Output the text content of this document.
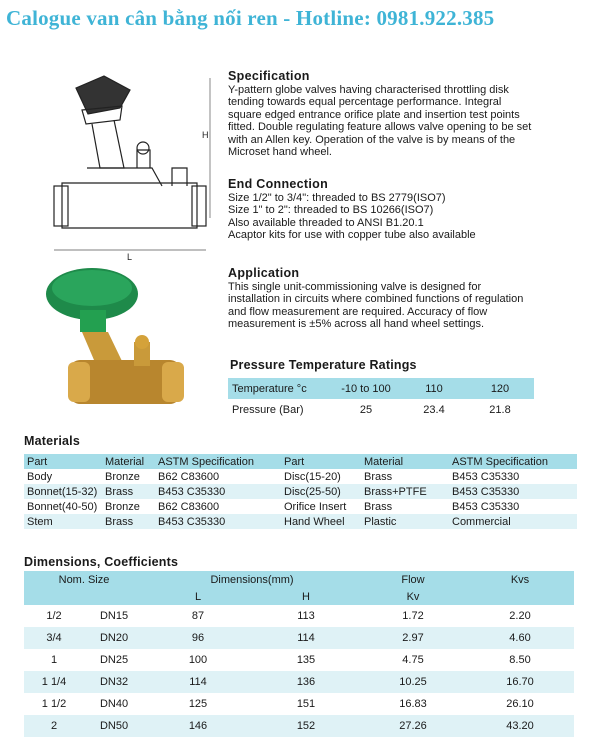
Calogue van cân bằng nối ren - Hotline: 0981.922.385
H
L
Specification

Y-pattern globe valves having characterised throttling disk
tending towards equal percentage performance. Integral
square edged entrance orifice plate and insertion test points
fitted. Double regulating feature allows valve opening to be set
with an Allen key. Operation of the valve is by means of the
Microset hand wheel.

End Connection

Size 1/2" to 3/4": threaded to BS 2779(ISO7)
Size 1" to 2": threaded to BS 10266(ISO7)
Also available threaded to ANSI B1.20.1
Acaptor kits for use with copper tube also available

Application

This single unit-commissioning valve is designed for
installation in circuits where combined functions of regulation
and flow measurement are required. Accuracy of flow
measurement is ±5% across all hand wheel settings.

Pressure Temperature Ratings
Temperature °c	-10 to 100	110	120
Pressure (Bar)	25	23.4	21.8
Materials
Part	Material	ASTM Specification	Part	Material	ASTM Specification
Body	Bronze	B62 C83600	Disc(15-20)	Brass	B453 C35330
Bonnet(15-32)	Brass	B453 C35330	Disc(25-50)	Brass+PTFE	B453 C35330
Bonnet(40-50)	Bronze	B62 C83600	Orifice Insert	Brass	B453 C35330
Stem	Brass	B453 C35330	Hand Wheel	Plastic	Commercial
Dimensions, Coefficients
Nom. Size		Dimensions(mm)		Flow	Kvs
		L	H	Kv	
1/2	DN15	87	113	1.72	2.20
3/4	DN20	96	114	2.97	4.60
1	DN25	100	135	4.75	8.50
1 1/4	DN32	114	136	10.25	16.70
1 1/2	DN40	125	151	16.83	26.10
2	DN50	146	152	27.26	43.20
